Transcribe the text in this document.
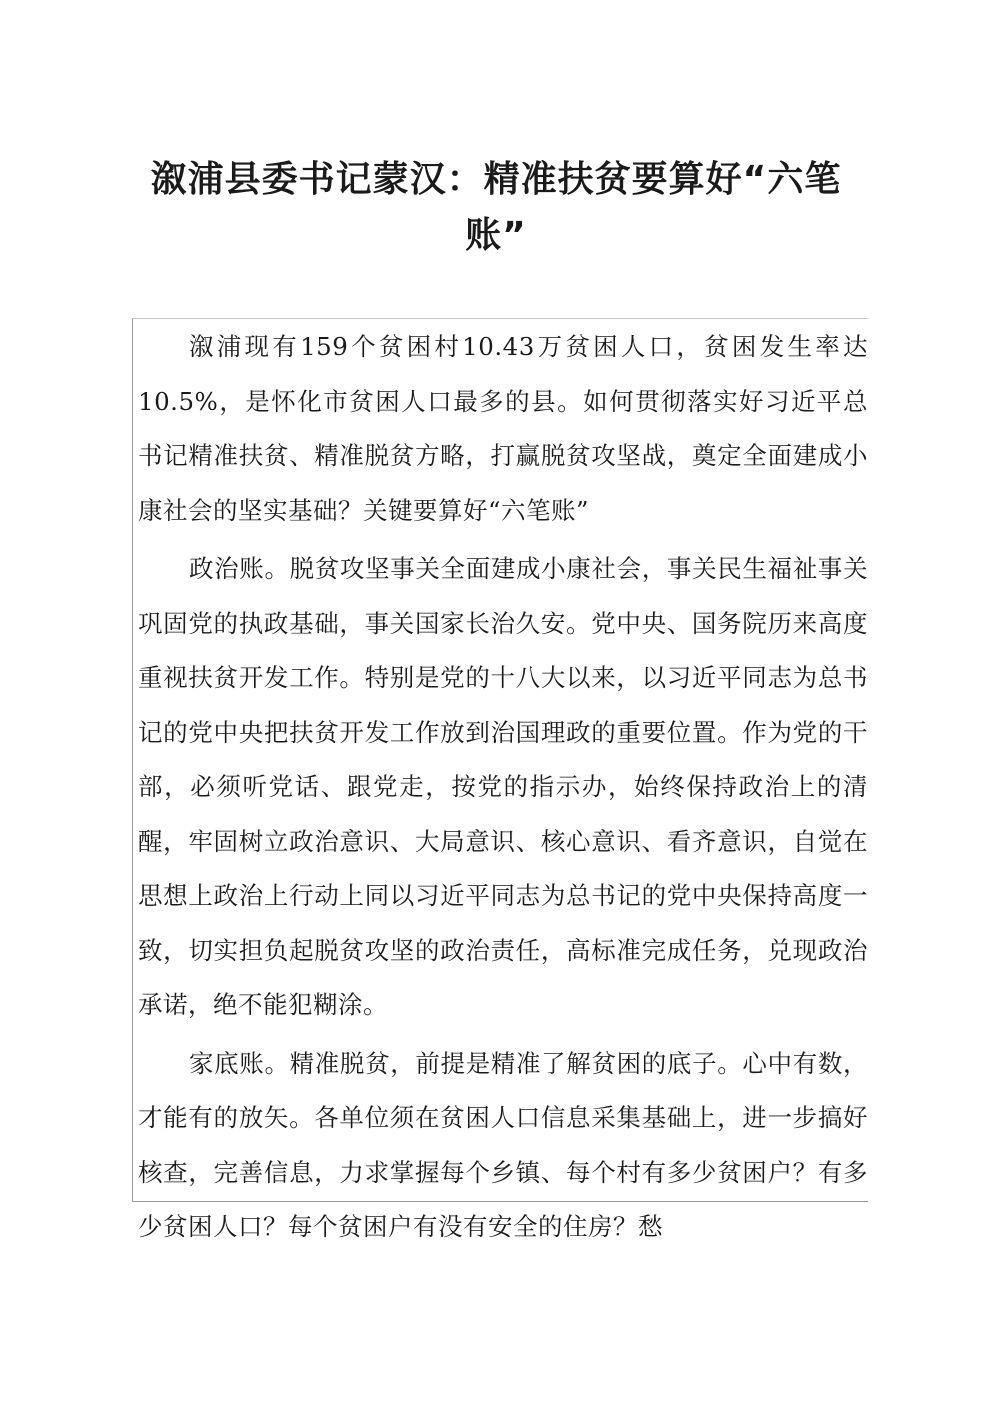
溆浦县委书记蒙汉：精准扶贫要算好“六笔账”

溆浦现有159个贫困村10.43万贫困人口，贫困发生率达10.5%，是怀化市贫困人口最多的县。如何贯彻落实好习近平总书记精准扶贫、精准脱贫方略，打赢脱贫攻坚战，奠定全面建成小康社会的坚实基础？关键要算好“六笔账”

政治账。脱贫攻坚事关全面建成小康社会，事关民生福祉事关巩固党的执政基础，事关国家长治久安。党中央、国务院历来高度重视扶贫开发工作。特别是党的十八大以来，以习近平同志为总书记的党中央把扶贫开发工作放到治国理政的重要位置。作为党的干部，必须听党话、跟党走，按党的指示办，始终保持政治上的清醒，牢固树立政治意识、大局意识、核心意识、看齐意识，自觉在思想上政治上行动上同以习近平同志为总书记的党中央保持高度一致，切实担负起脱贫攻坚的政治责任，高标准完成任务，兑现政治承诺，绝不能犯糊涂。

家底账。精准脱贫，前提是精准了解贫困的底子。心中有数，才能有的放矢。各单位须在贫困人口信息采集基础上，进一步搞好核查，完善信息，力求掌握每个乡镇、每个村有多少贫困户？有多少贫困人口？每个贫困户有没有安全的住房？愁
